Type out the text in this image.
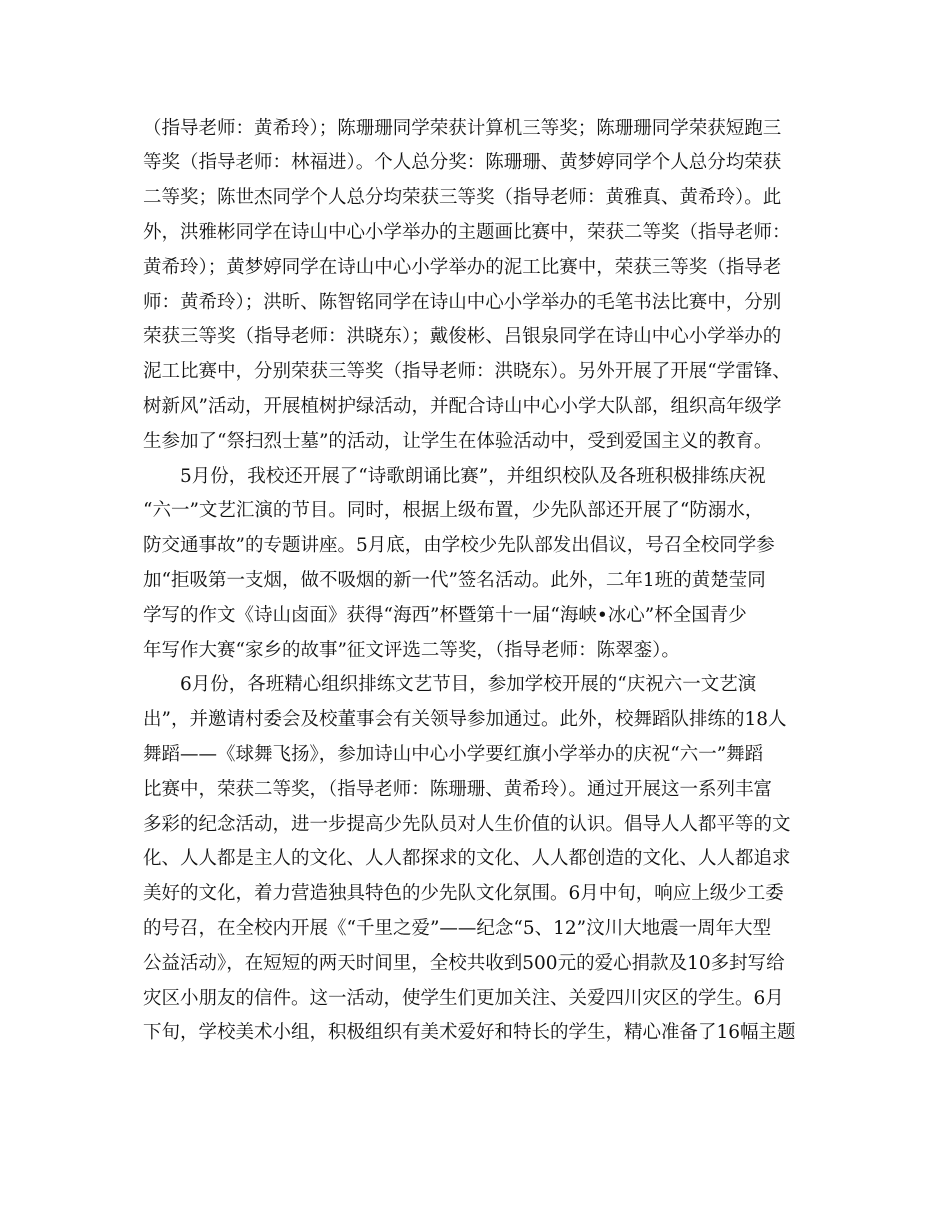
（指导老师：黄希玲）；陈珊珊同学荣获计算机三等奖；陈珊珊同学荣获短跑三
等奖（指导老师：林福进）。个人总分奖：陈珊珊、黄梦婷同学个人总分均荣获
二等奖；陈世杰同学个人总分均荣获三等奖（指导老师：黄雅真、黄希玲）。此
外，洪雅彬同学在诗山中心小学举办的主题画比赛中，荣获二等奖（指导老师：
黄希玲）；黄梦婷同学在诗山中心小学举办的泥工比赛中，荣获三等奖（指导老
师：黄希玲）；洪昕、陈智铭同学在诗山中心小学举办的毛笔书法比赛中，分别
荣获三等奖（指导老师：洪晓东）；戴俊彬、吕银泉同学在诗山中心小学举办的
泥工比赛中，分别荣获三等奖（指导老师：洪晓东）。另外开展了开展“学雷锋、
树新风”活动，开展植树护绿活动，并配合诗山中心小学大队部，组织高年级学
生参加了“祭扫烈士墓”的活动，让学生在体验活动中，受到爱国主义的教育。
5月份，我校还开展了“诗歌朗诵比赛”，并组织校队及各班积极排练庆祝
“六一”文艺汇演的节目。同时，根据上级布置，少先队部还开展了“防溺水，
防交通事故”的专题讲座。5月底，由学校少先队部发出倡议，号召全校同学参
加“拒吸第一支烟，做不吸烟的新一代”签名活动。此外，二年1班的黄楚莹同
学写的作文《诗山卤面》获得“海西”杯暨第十一届“海峡•冰心”杯全国青少
年写作大赛“家乡的故事”征文评选二等奖，（指导老师：陈翠銮）。
6月份，各班精心组织排练文艺节目，参加学校开展的“庆祝六一文艺演
出”，并邀请村委会及校董事会有关领导参加通过。此外，校舞蹈队排练的18人
舞蹈——《球舞飞扬》，参加诗山中心小学要红旗小学举办的庆祝“六一”舞蹈
比赛中，荣获二等奖，（指导老师：陈珊珊、黄希玲）。通过开展这一系列丰富
多彩的纪念活动，进一步提高少先队员对人生价值的认识。倡导人人都平等的文
化、人人都是主人的文化、人人都探求的文化、人人都创造的文化、人人都追求
美好的文化，着力营造独具特色的少先队文化氛围。6月中旬，响应上级少工委
的号召，在全校内开展《“千里之爱”——纪念“5、12”汶川大地震一周年大型
公益活动》，在短短的两天时间里，全校共收到500元的爱心捐款及10多封写给
灾区小朋友的信件。这一活动，使学生们更加关注、关爱四川灾区的学生。6月
下旬，学校美术小组，积极组织有美术爱好和特长的学生，精心准备了16幅主题
